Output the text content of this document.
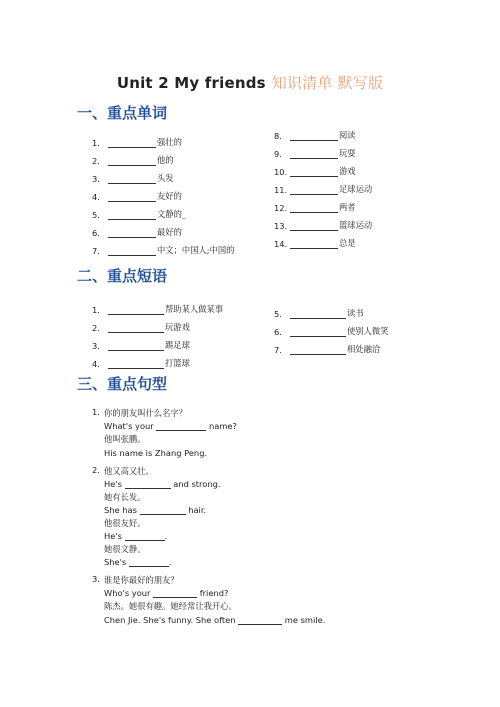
Unit 2 My friends 知识清单 默写版
一、重点单词
1.	强壮的
2.	他的
3.	头发
4.	友好的
5.	文静的_
6.	最好的
7.	中文；中国人;中国的
8.	阅读
9.	玩耍
10.	游戏
11.	足球运动
12.	两者
13.	篮球运动
14.	总是
二、重点短语
1.	帮助某人做某事
2.	玩游戏
3.	踢足球
4.	打篮球
5.	读书
6.	使别人微笑
7.	相处融洽
三、重点句型
1. 你的朋友叫什么名字？
What's your	name?
他叫张鹏。
His name is Zhang Peng.
2. 他又高又壮。
He's	and strong.
她有长发。
She has	hair.
他很友好。
He's	.
她很文静。
She's	.
3. 谁是你最好的朋友？
Who's your	friend?
陈杰。她很有趣。她经常让我开心。
Chen Jie. She's funny. She often	me smile.
